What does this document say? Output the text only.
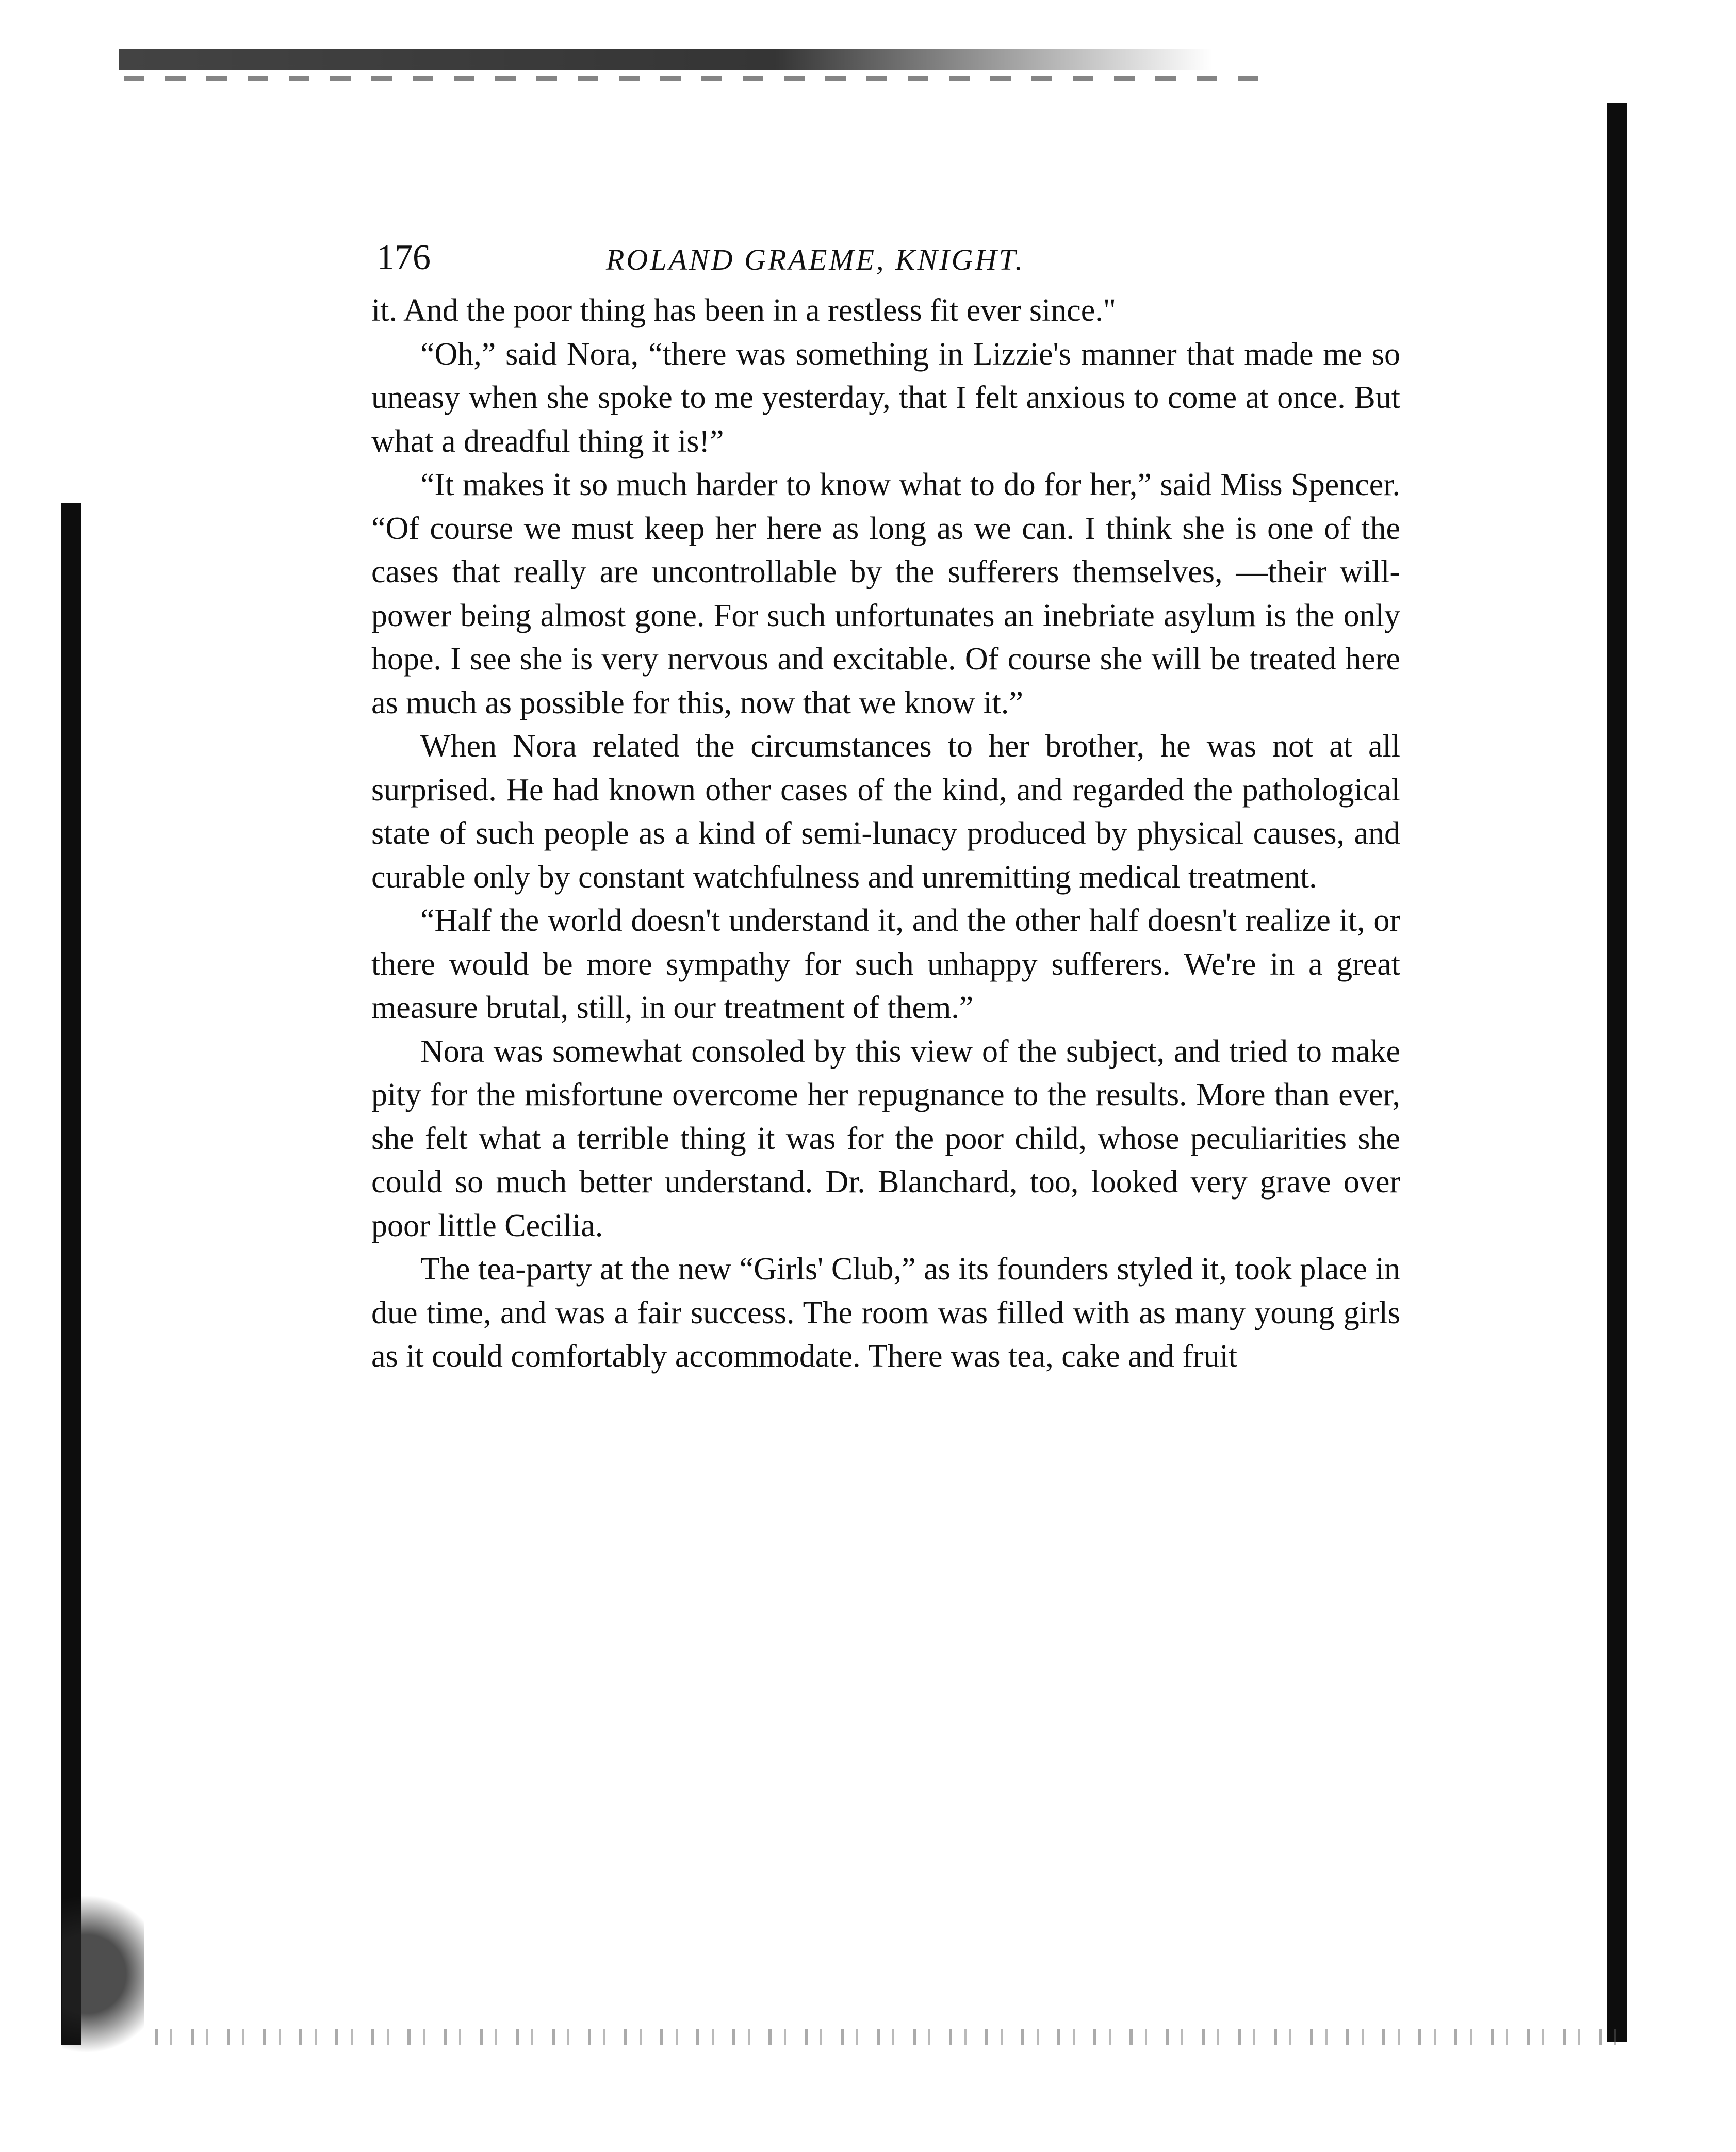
176	ROLAND GRAEME, KNIGHT.

it. And the poor thing has been in a restless fit ever since."

“Oh,” said Nora, “there was something in Lizzie's manner that made me so uneasy when she spoke to me yesterday, that I felt anxious to come at once. But what a dreadful thing it is!”

“It makes it so much harder to know what to do for her,” said Miss Spencer. “Of course we must keep her here as long as we can. I think she is one of the cases that really are uncontrollable by the sufferers themselves, —their will-power being almost gone. For such unfortunates an inebriate asylum is the only hope. I see she is very nervous and excitable. Of course she will be treated here as much as possible for this, now that we know it.”

When Nora related the circumstances to her brother, he was not at all surprised. He had known other cases of the kind, and regarded the pathological state of such people as a kind of semi-lunacy produced by physical causes, and curable only by constant watchfulness and unremitting medical treatment.

“Half the world doesn't understand it, and the other half doesn't realize it, or there would be more sympathy for such unhappy sufferers. We're in a great measure brutal, still, in our treatment of them.”

Nora was somewhat consoled by this view of the subject, and tried to make pity for the misfortune overcome her repugnance to the results. More than ever, she felt what a terrible thing it was for the poor child, whose peculiarities she could so much better understand. Dr. Blanchard, too, looked very grave over poor little Cecilia.

The tea-party at the new “Girls' Club,” as its founders styled it, took place in due time, and was a fair success. The room was filled with as many young girls as it could comfortably accommodate. There was tea, cake and fruit
